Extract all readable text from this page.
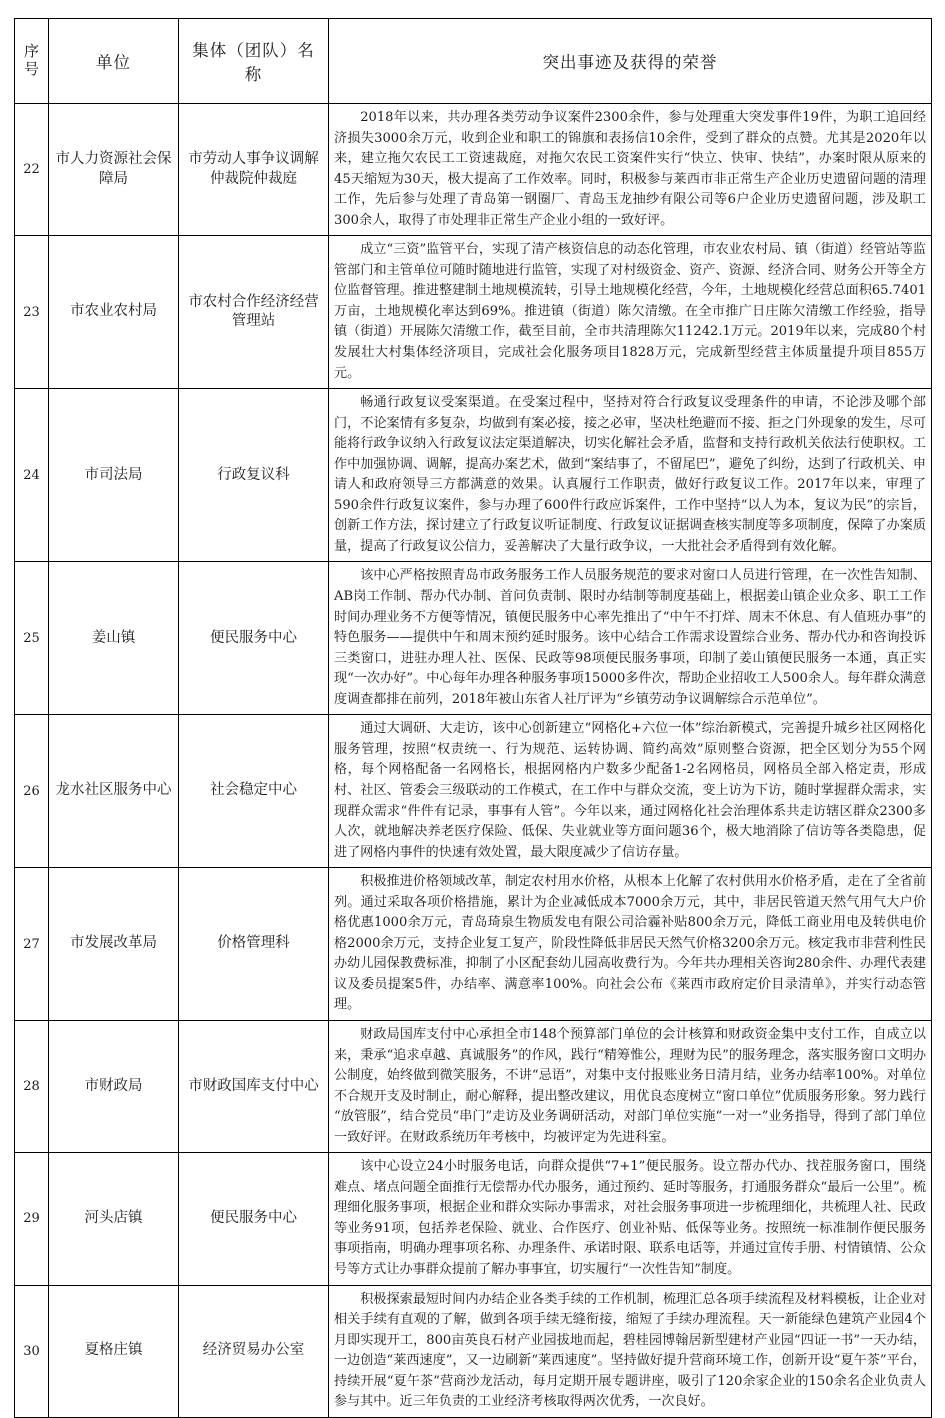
序
号	单位	集体（团队）名称	突出事迹及获得的荣誉
22	市人力资源社会保障局	市劳动人事争议调解仲裁院仲裁庭	2018年以来，共办理各类劳动争议案件2300余件，参与处理重大突发事件19件，为职工追回经济损失3000余万元，收到企业和职工的锦旗和表扬信10余件，受到了群众的点赞。尤其是2020年以来，建立拖欠农民工工资速裁庭，对拖欠农民工资案件实行“快立、快审、快结”，办案时限从原来的45天缩短为30天，极大提高了工作效率。同时，积极参与莱西市非正常生产企业历史遗留问题的清理工作，先后参与处理了青岛第一钢圈厂、青岛玉龙抽纱有限公司等6户企业历史遗留问题，涉及职工300余人，取得了市处理非正常生产企业小组的一致好评。

23	市农业农村局	市农村合作经济经营管理站	成立“三资”监管平台，实现了清产核资信息的动态化管理，市农业农村局、镇（街道）经管站等监管部门和主管单位可随时随地进行监管，实现了对村级资金、资产、资源、经济合同、财务公开等全方位监督管理。推进整建制土地规模流转，引导土地规模化经营，今年，土地规模化经营总面积65.7401万亩，土地规模化率达到69%。推进镇（街道）陈欠清缴。在全市推广日庄陈欠清缴工作经验，指导镇（街道）开展陈欠清缴工作，截至目前，全市共清理陈欠11242.1万元。2019年以来，完成80个村发展壮大村集体经济项目，完成社会化服务项目1828万元，完成新型经营主体质量提升项目855万元。

24	市司法局	行政复议科	畅通行政复议受案渠道。在受案过程中，坚持对符合行政复议受理条件的申请，不论涉及哪个部门，不论案情有多复杂，均做到有案必接，接之必审，坚决杜绝避而不接、拒之门外现象的发生，尽可能将行政争议纳入行政复议法定渠道解决，切实化解社会矛盾，监督和支持行政机关依法行使职权。工作中加强协调、调解，提高办案艺术，做到“案结事了，不留尾巴”，避免了纠纷，达到了行政机关、申请人和政府领导三方都满意的效果。认真履行工作职责，做好行政复议工作。2017年以来，审理了590余件行政复议案件，参与办理了600件行政应诉案件，工作中坚持“以人为本，复议为民”的宗旨，创新工作方法，探讨建立了行政复议听证制度、行政复议证据调查核实制度等多项制度，保障了办案质量，提高了行政复议公信力，妥善解决了大量行政争议，一大批社会矛盾得到有效化解。

25	姜山镇	便民服务中心	该中心严格按照青岛市政务服务工作人员服务规范的要求对窗口人员进行管理，在一次性告知制、AB岗工作制、帮办代办制、首问负责制、限时办结制等制度基础上，根据姜山镇企业众多、职工工作时间办理业务不方便等情况，镇便民服务中心率先推出了“中午不打烊、周末不休息、有人值班办事”的特色服务——提供中午和周末预约延时服务。该中心结合工作需求设置综合业务、帮办代办和咨询投诉三类窗口，进驻办理人社、医保、民政等98项便民服务事项，印制了姜山镇便民服务一本通，真正实现“一次办好”。中心每年办理各种服务事项15000多件次，帮助企业招收工人500余人。每年群众满意度调查都排在前列，2018年被山东省人社厅评为“乡镇劳动争议调解综合示范单位”。

26	龙水社区服务中心	社会稳定中心	通过大调研、大走访，该中心创新建立“网格化+六位一体”综治新模式，完善提升城乡社区网格化服务管理，按照“权责统一、行为规范、运转协调、简约高效”原则整合资源，把全区划分为55个网格，每个网格配备一名网格长，根据网格内户数多少配备1-2名网格员，网格员全部入格定责，形成村、社区、管委会三级联动的工作模式，在工作中与群众交流，变上访为下访，随时掌握群众需求，实现群众需求“件件有记录，事事有人管”。今年以来，通过网格化社会治理体系共走访辖区群众2300多人次，就地解决养老医疗保险、低保、失业就业等方面问题36个，极大地消除了信访等各类隐患，促进了网格内事件的快速有效处置，最大限度减少了信访存量。

27	市发展改革局	价格管理科	积极推进价格领域改革，制定农村用水价格，从根本上化解了农村供用水价格矛盾，走在了全省前列。通过采取各项价格措施，累计为企业减低成本7000余万元，其中，非居民管道天然气用气大户价格优惠1000余万元，青岛琦泉生物质发电有限公司洽霾补贴800余万元，降低工商业用电及转供电价格2000余万元，支持企业复工复产，阶段性降低非居民天然气价格3200余万元。核定我市非营利性民办幼儿园保教费标准，抑制了小区配套幼儿园高收费行为。今年共办理相关咨询280余件、办理代表建议及委员提案5件，办结率、满意率100%。向社会公布《莱西市政府定价目录清单》，并实行动态管理。

28	市财政局	市财政国库支付中心	财政局国库支付中心承担全市148个预算部门单位的会计核算和财政资金集中支付工作，自成立以来，秉承“追求卓越、真诚服务”的作风，践行“精筹惟公，理财为民”的服务理念，落实服务窗口文明办公制度，始终做到微笑服务，不讲“忌语”，对集中支付报账业务日清月结，业务办结率100%。对单位不合规开支及时制止，耐心解释，提出整改建议，用优良态度树立“窗口单位”优质服务形象。努力践行“放管服”，结合党员“串门”走访及业务调研活动，对部门单位实施“一对一”业务指导，得到了部门单位一致好评。在财政系统历年考核中，均被评定为先进科室。

29	河头店镇	便民服务中心	该中心设立24小时服务电话，向群众提供“7+1”便民服务。设立帮办代办、找茬服务窗口，围绕难点、堵点问题全面推行无偿帮办代办服务，通过预约、延时等服务，打通服务群众“最后一公里”。梳理细化服务事项，根据企业和群众实际办事需求，对社会服务事项进一步梳理细化，共梳理人社、民政等业务91项，包括养老保险、就业、合作医疗、创业补贴、低保等业务。按照统一标准制作便民服务事项指南，明确办理事项名称、办理条件、承诺时限、联系电话等，并通过宣传手册、村情镇情、公众号等方式让办事群众提前了解办事事宜，切实履行“一次性告知”制度。

30	夏格庄镇	经济贸易办公室	积极探索最短时间内办结企业各类手续的工作机制，梳理汇总各项手续流程及材料模板，让企业对相关手续有直观的了解，做到各项手续无缝衔接，缩短了手续办理流程。天一新能绿色建筑产业园4个月即实现开工，800亩英良石材产业园拔地而起，碧桂园博翰居新型建材产业园“四证一书”一天办结，一边创造“莱西速度”，又一边刷新“莱西速度”。坚持做好提升营商环境工作，创新开设“夏午茶”平台，持续开展“夏午茶”营商沙龙活动，每月定期开展专题讲座，吸引了120余家企业的150余名企业负责人参与其中。近三年负责的工业经济考核取得两次优秀，一次良好。
